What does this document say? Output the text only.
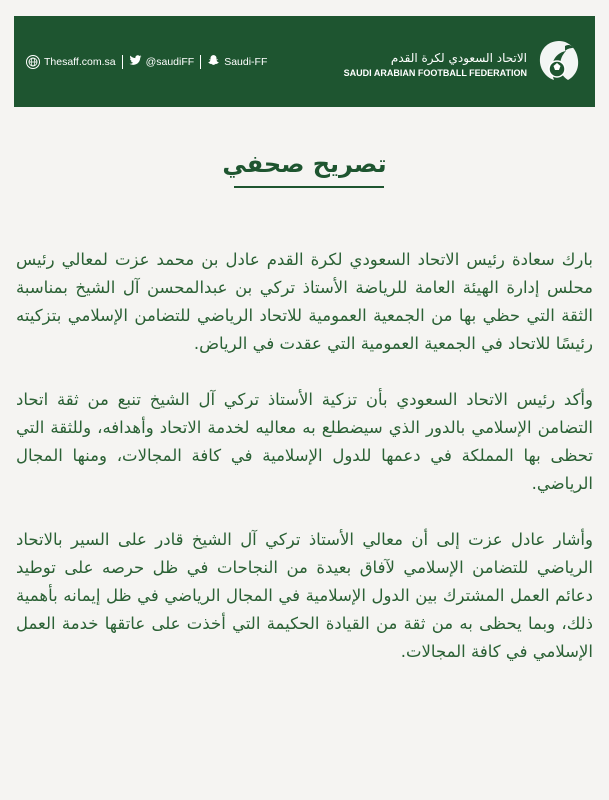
Thesaff.com.sa	@saudiFF	Saudi-FF	الاتحاد السعودي لكرة القدم
SAUDI ARABIAN FOOTBALL FEDERATION
تصريح صحفي

بارك سعادة رئيس الاتحاد السعودي لكرة القدم عادل بن محمد عزت لمعالي رئيس محلس إدارة الهيئة العامة للرياضة الأستاذ تركي بن عبدالمحسن آل الشيخ بمناسبة الثقة التي حظي بها من الجمعية العمومية للاتحاد الرياضي للتضامن الإسلامي بتزكيته رئيسًا للاتحاد في الجمعية العمومية التي عقدت في الرياض.

وأكد رئيس الاتحاد السعودي بأن تزكية الأستاذ تركي آل الشيخ تنبع من ثقة اتحاد التضامن الإسلامي بالدور الذي سيضطلع به معاليه لخدمة الاتحاد وأهدافه، وللثقة التي تحظى بها المملكة في دعمها للدول الإسلامية في كافة المجالات، ومنها المجال الرياضي.

وأشار عادل عزت إلى أن معالي الأستاذ تركي آل الشيخ قادر على السير بالاتحاد الرياضي للتضامن الإسلامي لآفاق بعيدة من النجاحات في ظل حرصه على توطيد دعائم العمل المشترك بين الدول الإسلامية في المجال الرياضي في ظل إيمانه بأهمية ذلك، وبما يحظى به من ثقة من القيادة الحكيمة التي أخذت على عاتقها خدمة العمل الإسلامي في كافة المجالات.
